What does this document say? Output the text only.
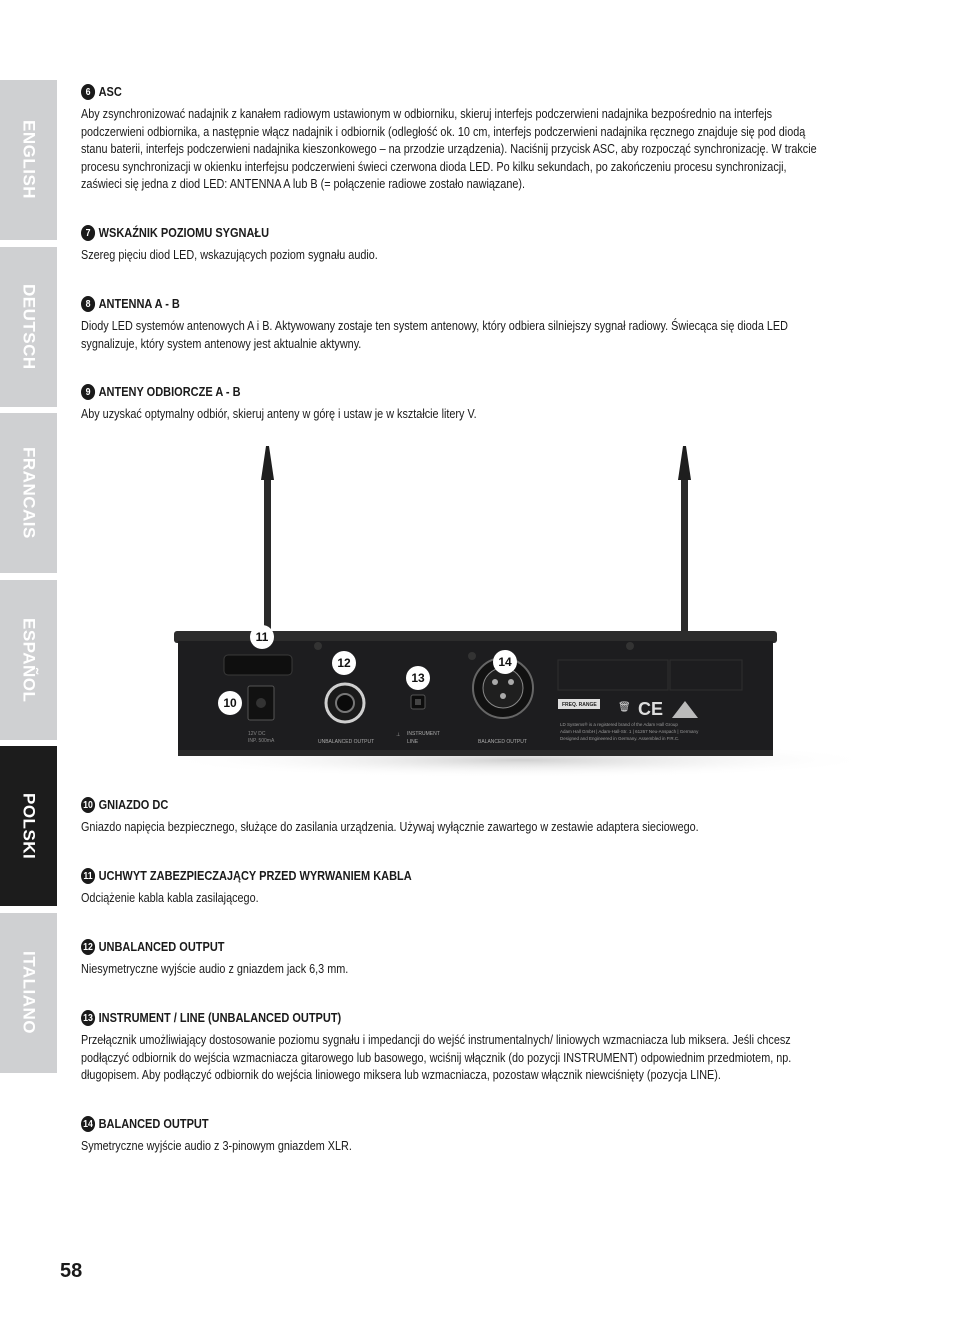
ENGLISH
DEUTSCH
FRANCAIS
ESPAÑOL
POLSKI
ITALIANO
6 ASC
Aby zsynchronizować nadajnik z kanałem radiowym ustawionym w odbiorniku, skieruj interfejs podczerwieni nadajnika bezpośrednio na interfejs
podczerwieni odbiornika, a następnie włącz nadajnik i odbiornik (odległość ok. 10 cm, interfejs podczerwieni nadajnika ręcznego znajduje się pod diodą
stanu baterii, interfejs podczerwieni nadajnika kieszonkowego – na przodzie urządzenia). Naciśnij przycisk ASC, aby rozpocząć synchronizację. W trakcie
procesu synchronizacji w okienku interfejsu podczerwieni świeci czerwona dioda LED. Po kilku sekundach, po zakończeniu procesu synchronizacji,
zaświeci się jedna z diod LED: ANTENNA A lub B (= połączenie radiowe zostało nawiązane).
7 WSKAŹNIK POZIOMU SYGNAŁU
Szereg pięciu diod LED, wskazujących poziom sygnału audio.
8 ANTENNA A - B
Diody LED systemów antenowych A i B. Aktywowany zostaje ten system antenowy, który odbiera silniejszy sygnał radiowy. Świecąca się dioda LED
sygnalizuje, który system antenowy jest aktualnie aktywny.
9 ANTENY ODBIORCZE A - B
Aby uzyskać optymalny odbiór, skieruj anteny w górę i ustaw je w kształcie litery V.
12V DC
INP. 500mA	UNBALANCED OUTPUT
⊥ INSTRUMENT
LINE	BALANCED OUTPUT
FREQ. RANGE 🗑 CE
LD Systems® is a registered brand of the Adam Hall Group
Adam Hall GmbH | Adam-Hall-Str. 1 | 61267 Neu-Anspach | Germany
Designed and Engineered in Germany. Assembled in P.R.C.
11
12
13
10
14
10 GNIAZDO DC
Gniazdo napięcia bezpiecznego, służące do zasilania urządzenia. Używaj wyłącznie zawartego w zestawie adaptera sieciowego.
11 UCHWYT ZABEZPIECZAJĄCY PRZED WYRWANIEM KABLA
Odciążenie kabla kabla zasilającego.
12 UNBALANCED OUTPUT
Niesymetryczne wyjście audio z gniazdem jack 6,3 mm.
13 INSTRUMENT / LINE (UNBALANCED OUTPUT)
Przełącznik umożliwiający dostosowanie poziomu sygnału i impedancji do wejść instrumentalnych/ liniowych wzmacniacza lub miksera. Jeśli chcesz
podłączyć odbiornik do wejścia wzmacniacza gitarowego lub basowego, wciśnij włącznik (do pozycji INSTRUMENT) odpowiednim przedmiotem, np.
długopisem. Aby podłączyć odbiornik do wejścia liniowego miksera lub wzmacniacza, pozostaw włącznik niewciśnięty (pozycja LINE).
14 BALANCED OUTPUT
Symetryczne wyjście audio z 3-pinowym gniazdem XLR.
58
